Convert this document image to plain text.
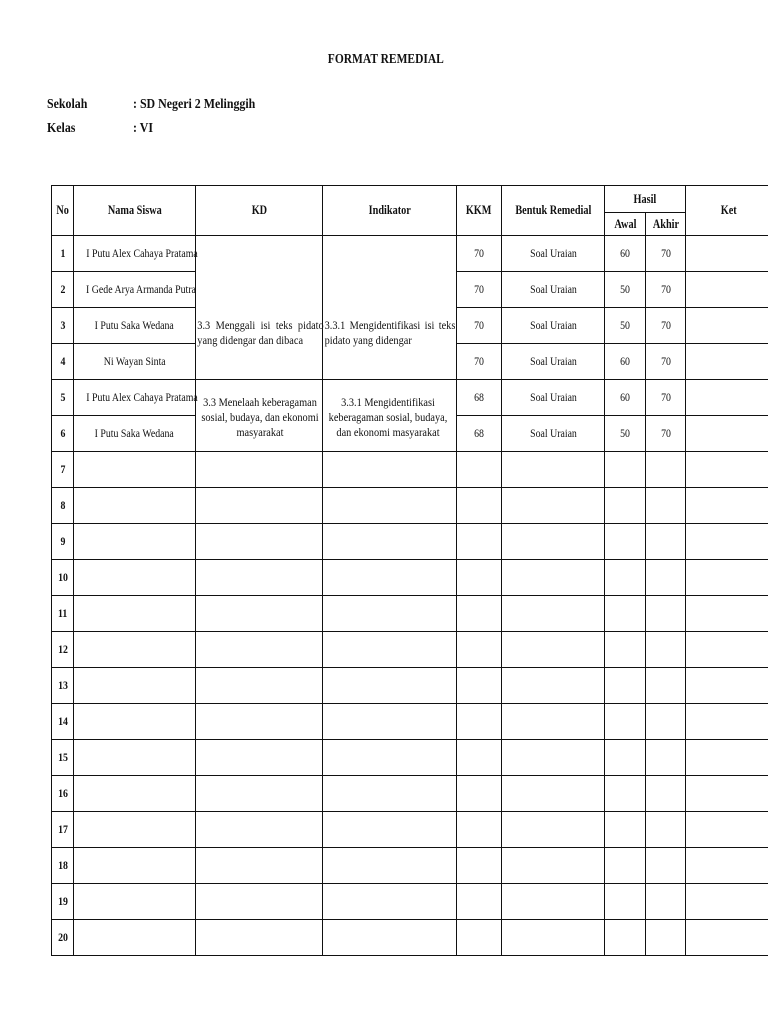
FORMAT REMEDIAL
Sekolah	: SD Negeri 2 Melinggih
Kelas	: VI
No	Nama Siswa	KD	Indikator	KKM	Bentuk Remedial	Hasil		Ket
						Awal	Akhir	
1	I Putu Alex Cahaya Pratama	3.3 Menggali isi teks pidato yang didengar dan dibaca	3.3.1 Mengidentifikasi isi teks pidato yang didengar	70	Soal Uraian	60	70	
2	I Gede Arya Armanda Putra			70	Soal Uraian	50	70	
3	I Putu Saka Wedana			70	Soal Uraian	50	70	
4	Ni Wayan Sinta			70	Soal Uraian	60	70	
5	I Putu Alex Cahaya Pratama	3.3 Menelaah keberagaman sosial, budaya, dan ekonomi masyarakat	3.3.1 Mengidentifikasi keberagaman sosial, budaya, dan ekonomi masyarakat	68	Soal Uraian	60	70	
6	I Putu Saka Wedana			68	Soal Uraian	50	70	
7								
8								
9								
10								
11								
12								
13								
14								
15								
16								
17								
18								
19								
20								
